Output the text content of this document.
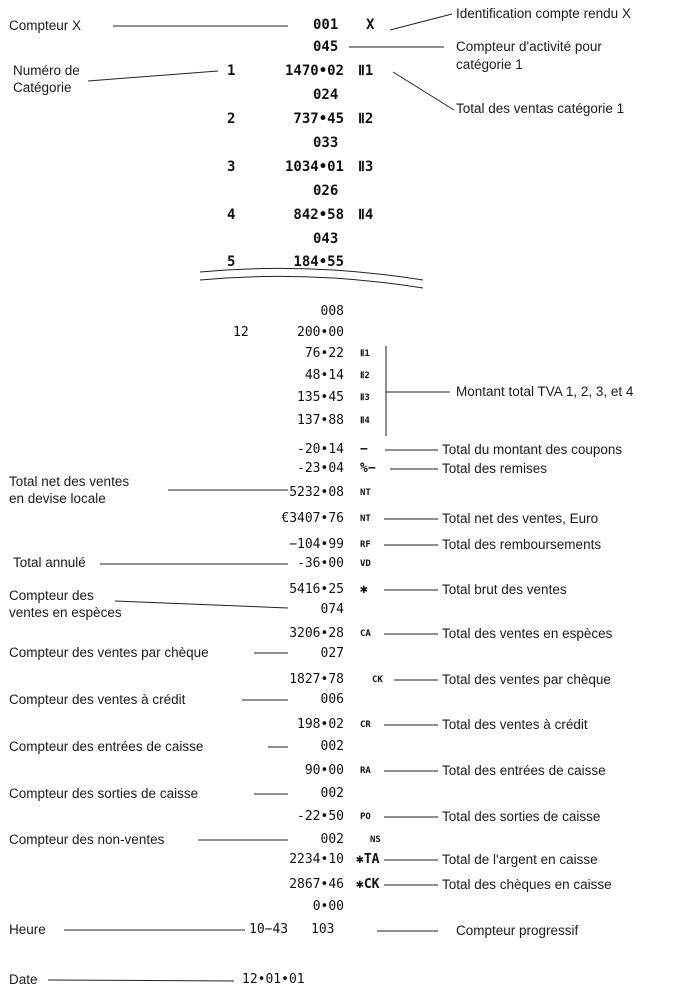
Compteur X
Numéro de
Catégorie
Total net des ventes
en devise locale
Total annulé
Compteur des
ventes en espèces
Compteur des ventes par chèque
Compteur des ventes à crédit
Compteur des entrées de caisse
Compteur des sorties de caisse
Compteur des non-ventes
Heure
Date
Identification compte rendu X
Compteur d'activité pour
catégorie 1
Total des ventas catégorie 1
Montant total TVA 1, 2, 3, et 4
Total du montant des coupons
Total des remises
Total net des ventes, Euro
Total des remboursements
Total brut des ventes
Total des ventes en espèces
Total des ventes par chèque
Total des ventes à crédit
Total des entrées de caisse
Total des sorties de caisse
Total de l'argent en caisse
Total des chèques en caisse
Compteur progressif
001 X
045
1	1470•02 Ⅱ1
024
2	737•45 Ⅱ2
033
3	1034•01 Ⅱ3
026
4	842•58 Ⅱ4
043
5	184•55
008
12	200•00
76•22 Ⅱ1
48•14 Ⅱ2
135•45 Ⅱ3
137•88 Ⅱ4
-20•14 −
-23•04 %−
5232•08 NT
€3407•76 NT
−104•99 RF
-36•00 VD
5416•25 ✱
074
3206•28 CA
027
1827•78	CK
006
198•02 CR
002
90•00 RA
002
-22•50 PO
002	NS
2234•10 ✱TA
2867•46 ✱CK
0•00
10−43 103
12•01•01
